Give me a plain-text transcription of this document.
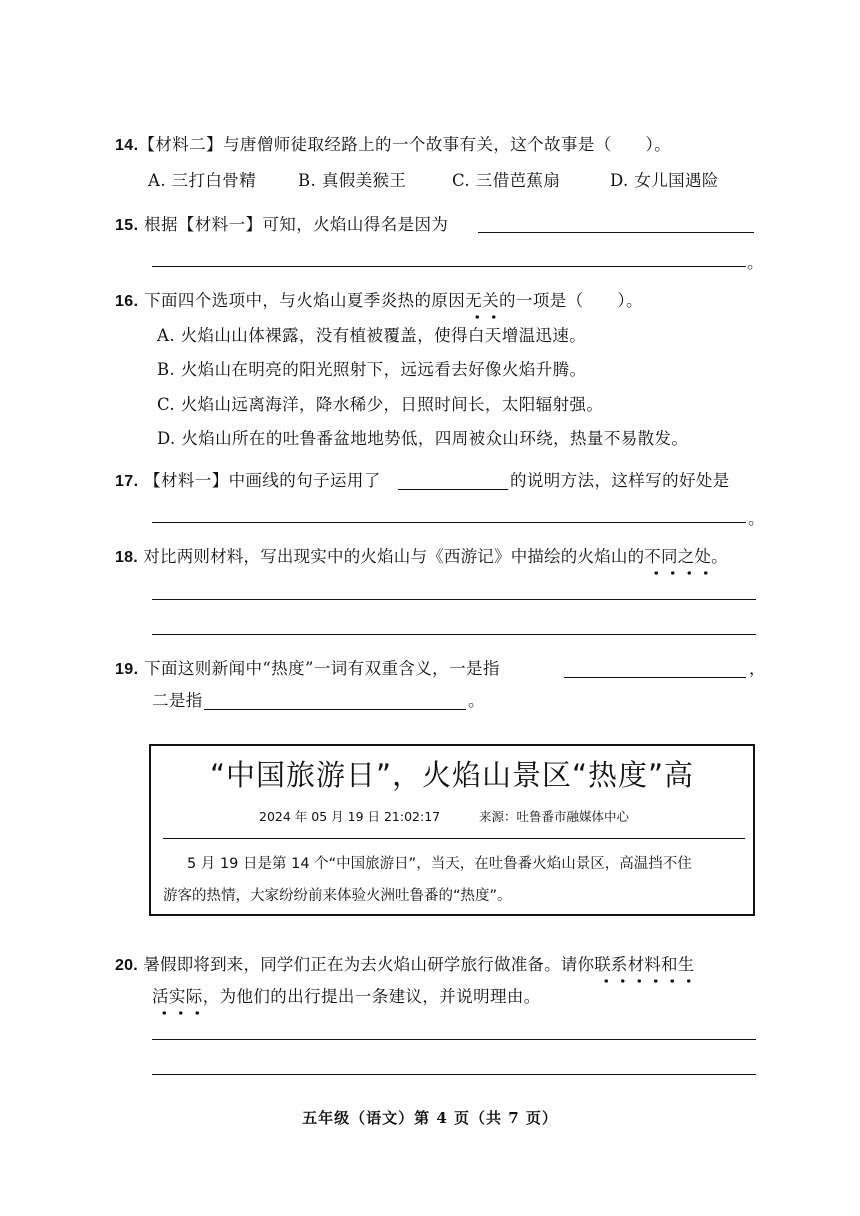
14.【材料二】与唐僧师徒取经路上的一个故事有关，这个故事是（　　）。
A. 三打白骨精	B. 真假美猴王	C. 三借芭蕉扇	D. 女儿国遇险
15. 根据【材料一】可知，火焰山得名是因为
。
16. 下面四个选项中，与火焰山夏季炎热的原因无关的一项是（　　）。
A. 火焰山山体裸露，没有植被覆盖，使得白天增温迅速。
B. 火焰山在明亮的阳光照射下，远远看去好像火焰升腾。
C. 火焰山远离海洋，降水稀少，日照时间长，太阳辐射强。
D. 火焰山所在的吐鲁番盆地地势低，四周被众山环绕，热量不易散发。
17. 【材料一】中画线的句子运用了	的说明方法，这样写的好处是
。
18. 对比两则材料，写出现实中的火焰山与《西游记》中描绘的火焰山的不同之处。
19. 下面这则新闻中“热度”一词有双重含义，一是指	，
二是指	。
“中国旅游日”，火焰山景区“热度”高
2024 年 05 月 19 日 21:02:17	来源：吐鲁番市融媒体中心
5 月 19 日是第 14 个“中国旅游日”，当天，在吐鲁番火焰山景区，高温挡不住
游客的热情，大家纷纷前来体验火洲吐鲁番的“热度”。
20. 暑假即将到来，同学们正在为去火焰山研学旅行做准备。请你联系材料和生
活实际，为他们的出行提出一条建议，并说明理由。
五年级（语文）第 4 页（共 7 页）
